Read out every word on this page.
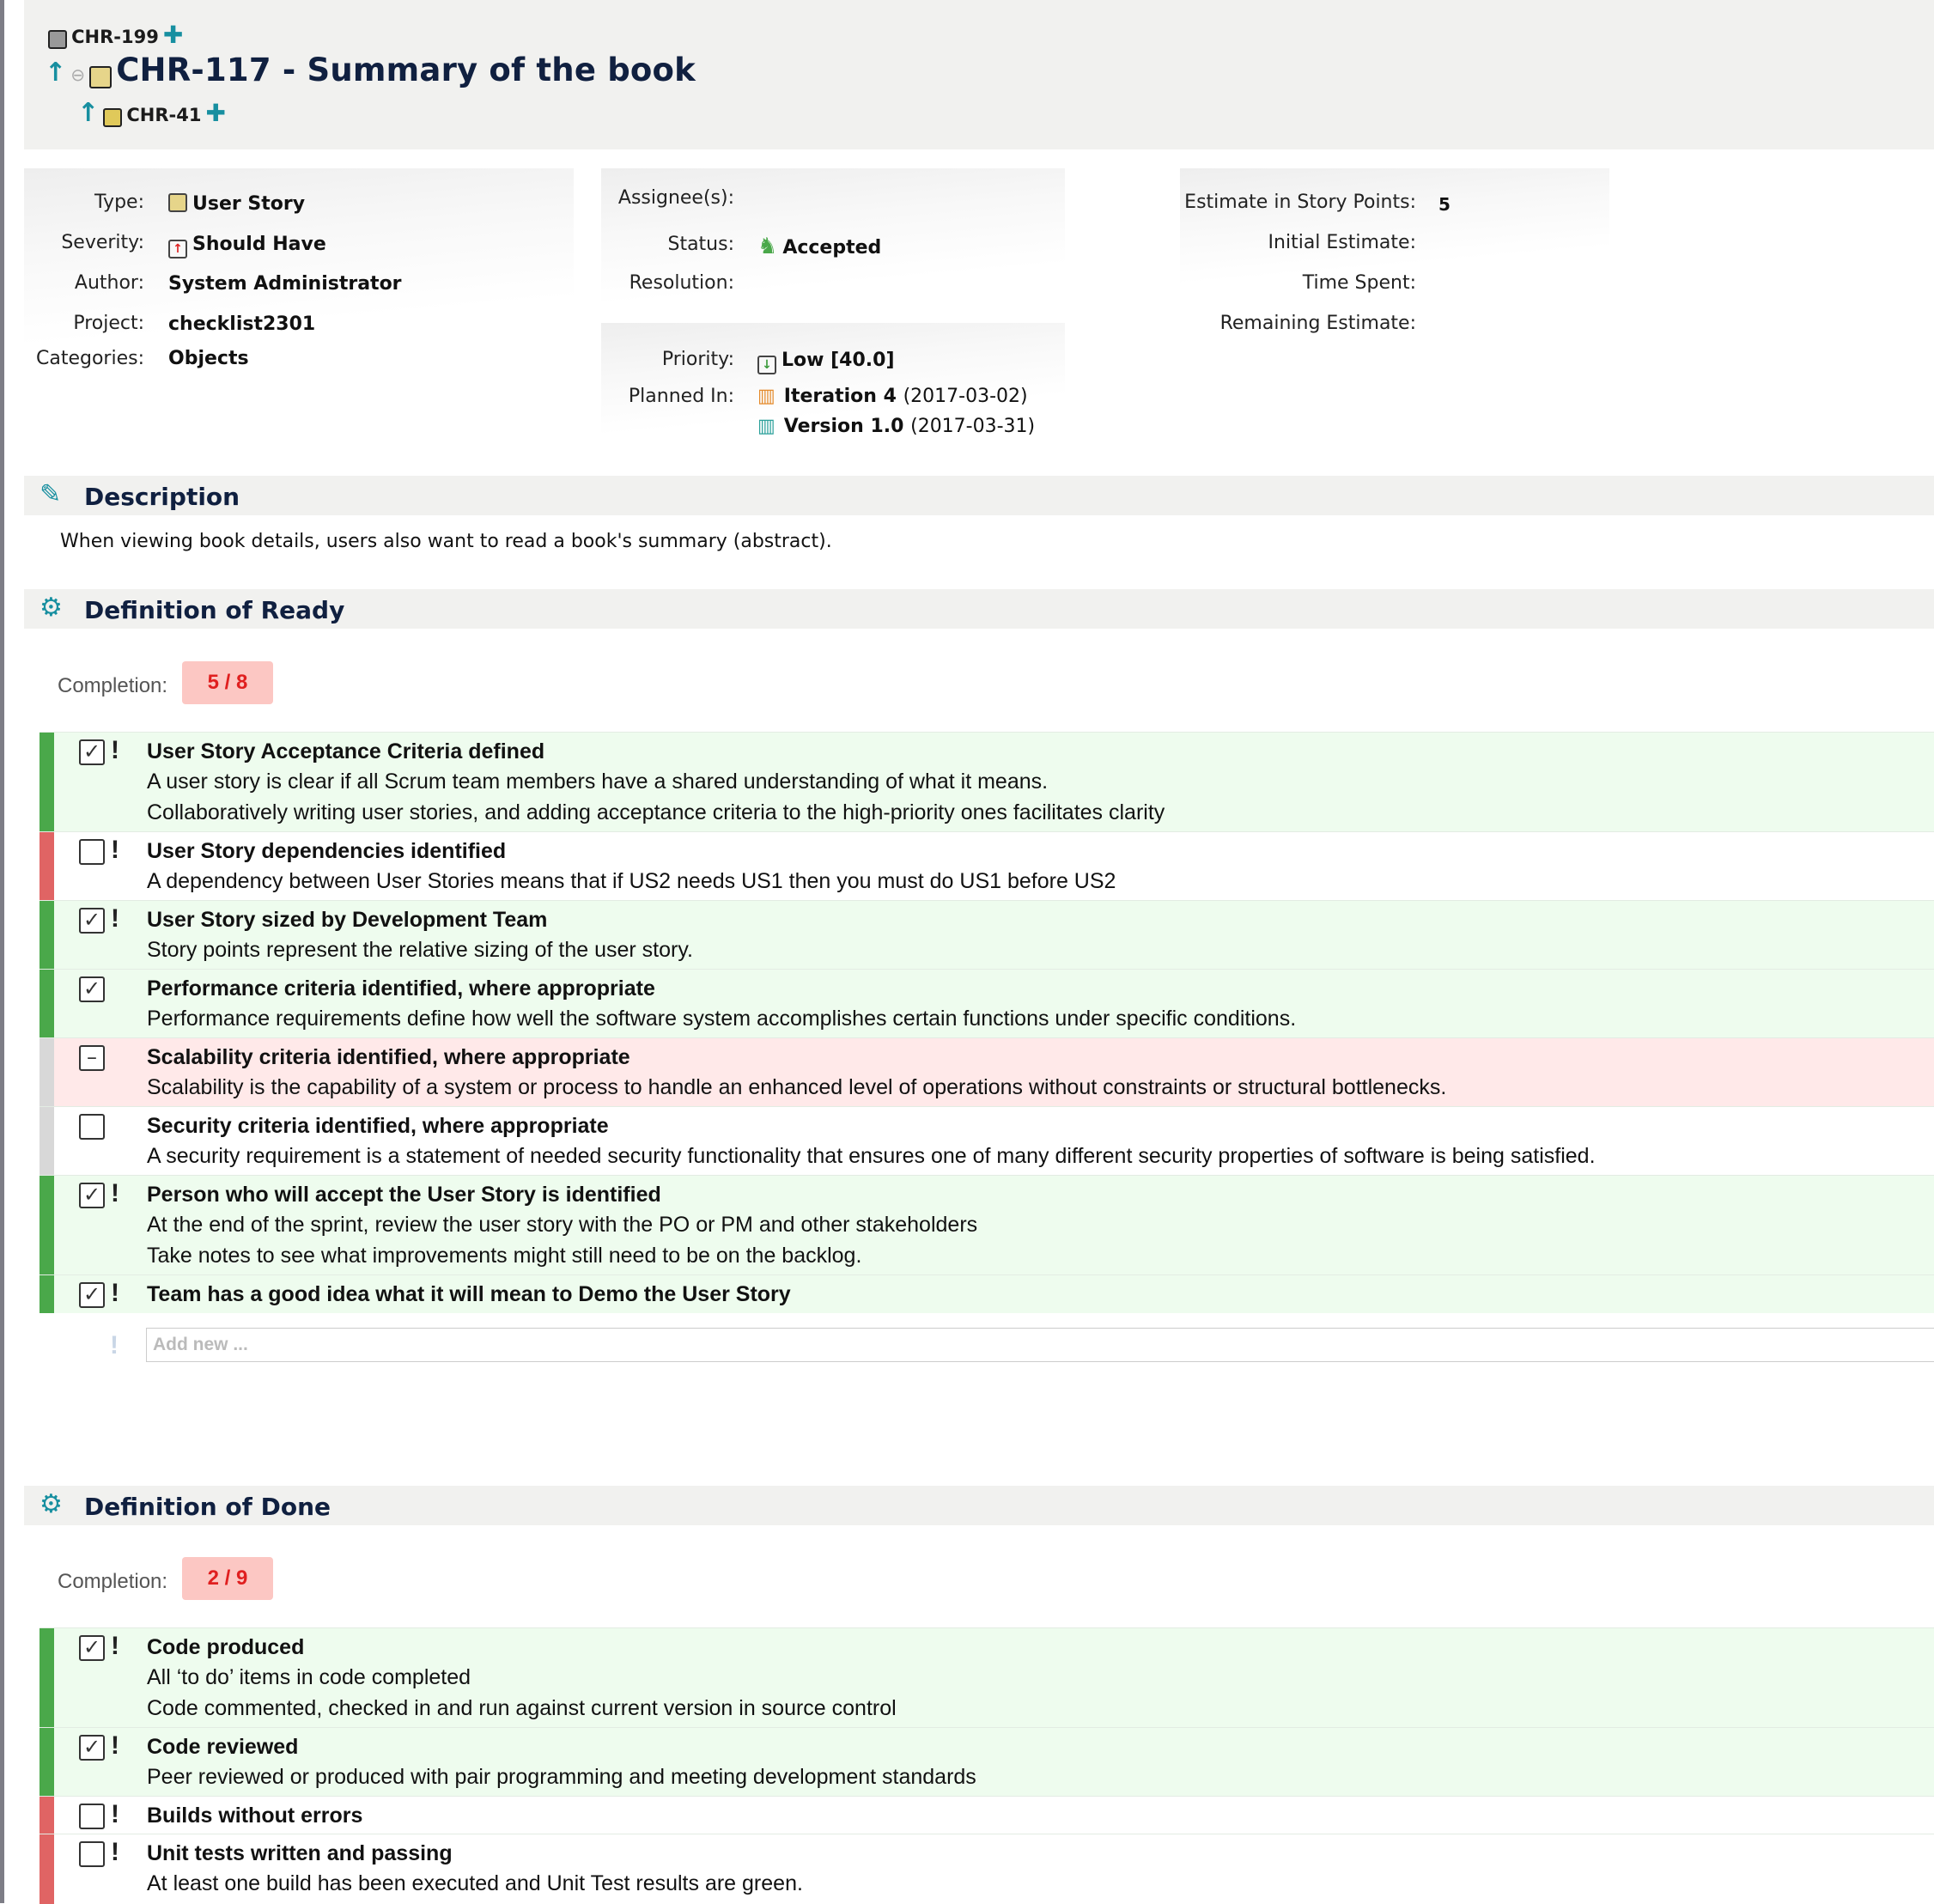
CHR-199 ✚
↑ ⊖ CHR-117 - Summary of the book
↑ CHR-41 ✚
Type:	User Story
Severity:	↑ Should Have
Author: System Administrator
Project: checklist2301
Categories: Objects
Assignee(s):
Status: ♞ Accepted
Resolution:
Priority:	↓ Low [40.0]
Planned In: ▥ Iteration 4 (2017-03-02)
▥ Version 1.0 (2017-03-31)
Estimate in Story Points: 5
Initial Estimate:
Time Spent:
Remaining Estimate:
✎ Description
When viewing book details, users also want to read a book's summary (abstract).
⚙ Definition of Ready
Completion:	5 / 8
✓ ! User Story Acceptance Criteria defined
A user story is clear if all Scrum team members have a shared understanding of what it means.
Collaboratively writing user stories, and adding acceptance criteria to the high-priority ones facilitates clarity
! User Story dependencies identified
A dependency between User Stories means that if US2 needs US1 then you must do US1 before US2
✓ ! User Story sized by Development Team
Story points represent the relative sizing of the user story.
✓ Performance criteria identified, where appropriate
Performance requirements define how well the software system accomplishes certain functions under specific conditions.
–	Scalability criteria identified, where appropriate
Scalability is the capability of a system or process to handle an enhanced level of operations without constraints or structural bottlenecks.
Security criteria identified, where appropriate
A security requirement is a statement of needed security functionality that ensures one of many different security properties of software is being satisfied.
✓ ! Person who will accept the User Story is identified
At the end of the sprint, review the user story with the PO or PM and other stakeholders
Take notes to see what improvements might still need to be on the backlog.
✓ ! Team has a good idea what it will mean to Demo the User Story
!	Add new ...
⚙ Definition of Done
Completion:	2 / 9
✓ ! Code produced
All ‘to do’ items in code completed
Code commented, checked in and run against current version in source control
✓ ! Code reviewed
Peer reviewed or produced with pair programming and meeting development standards
! Builds without errors
! Unit tests written and passing
At least one build has been executed and Unit Test results are green.
